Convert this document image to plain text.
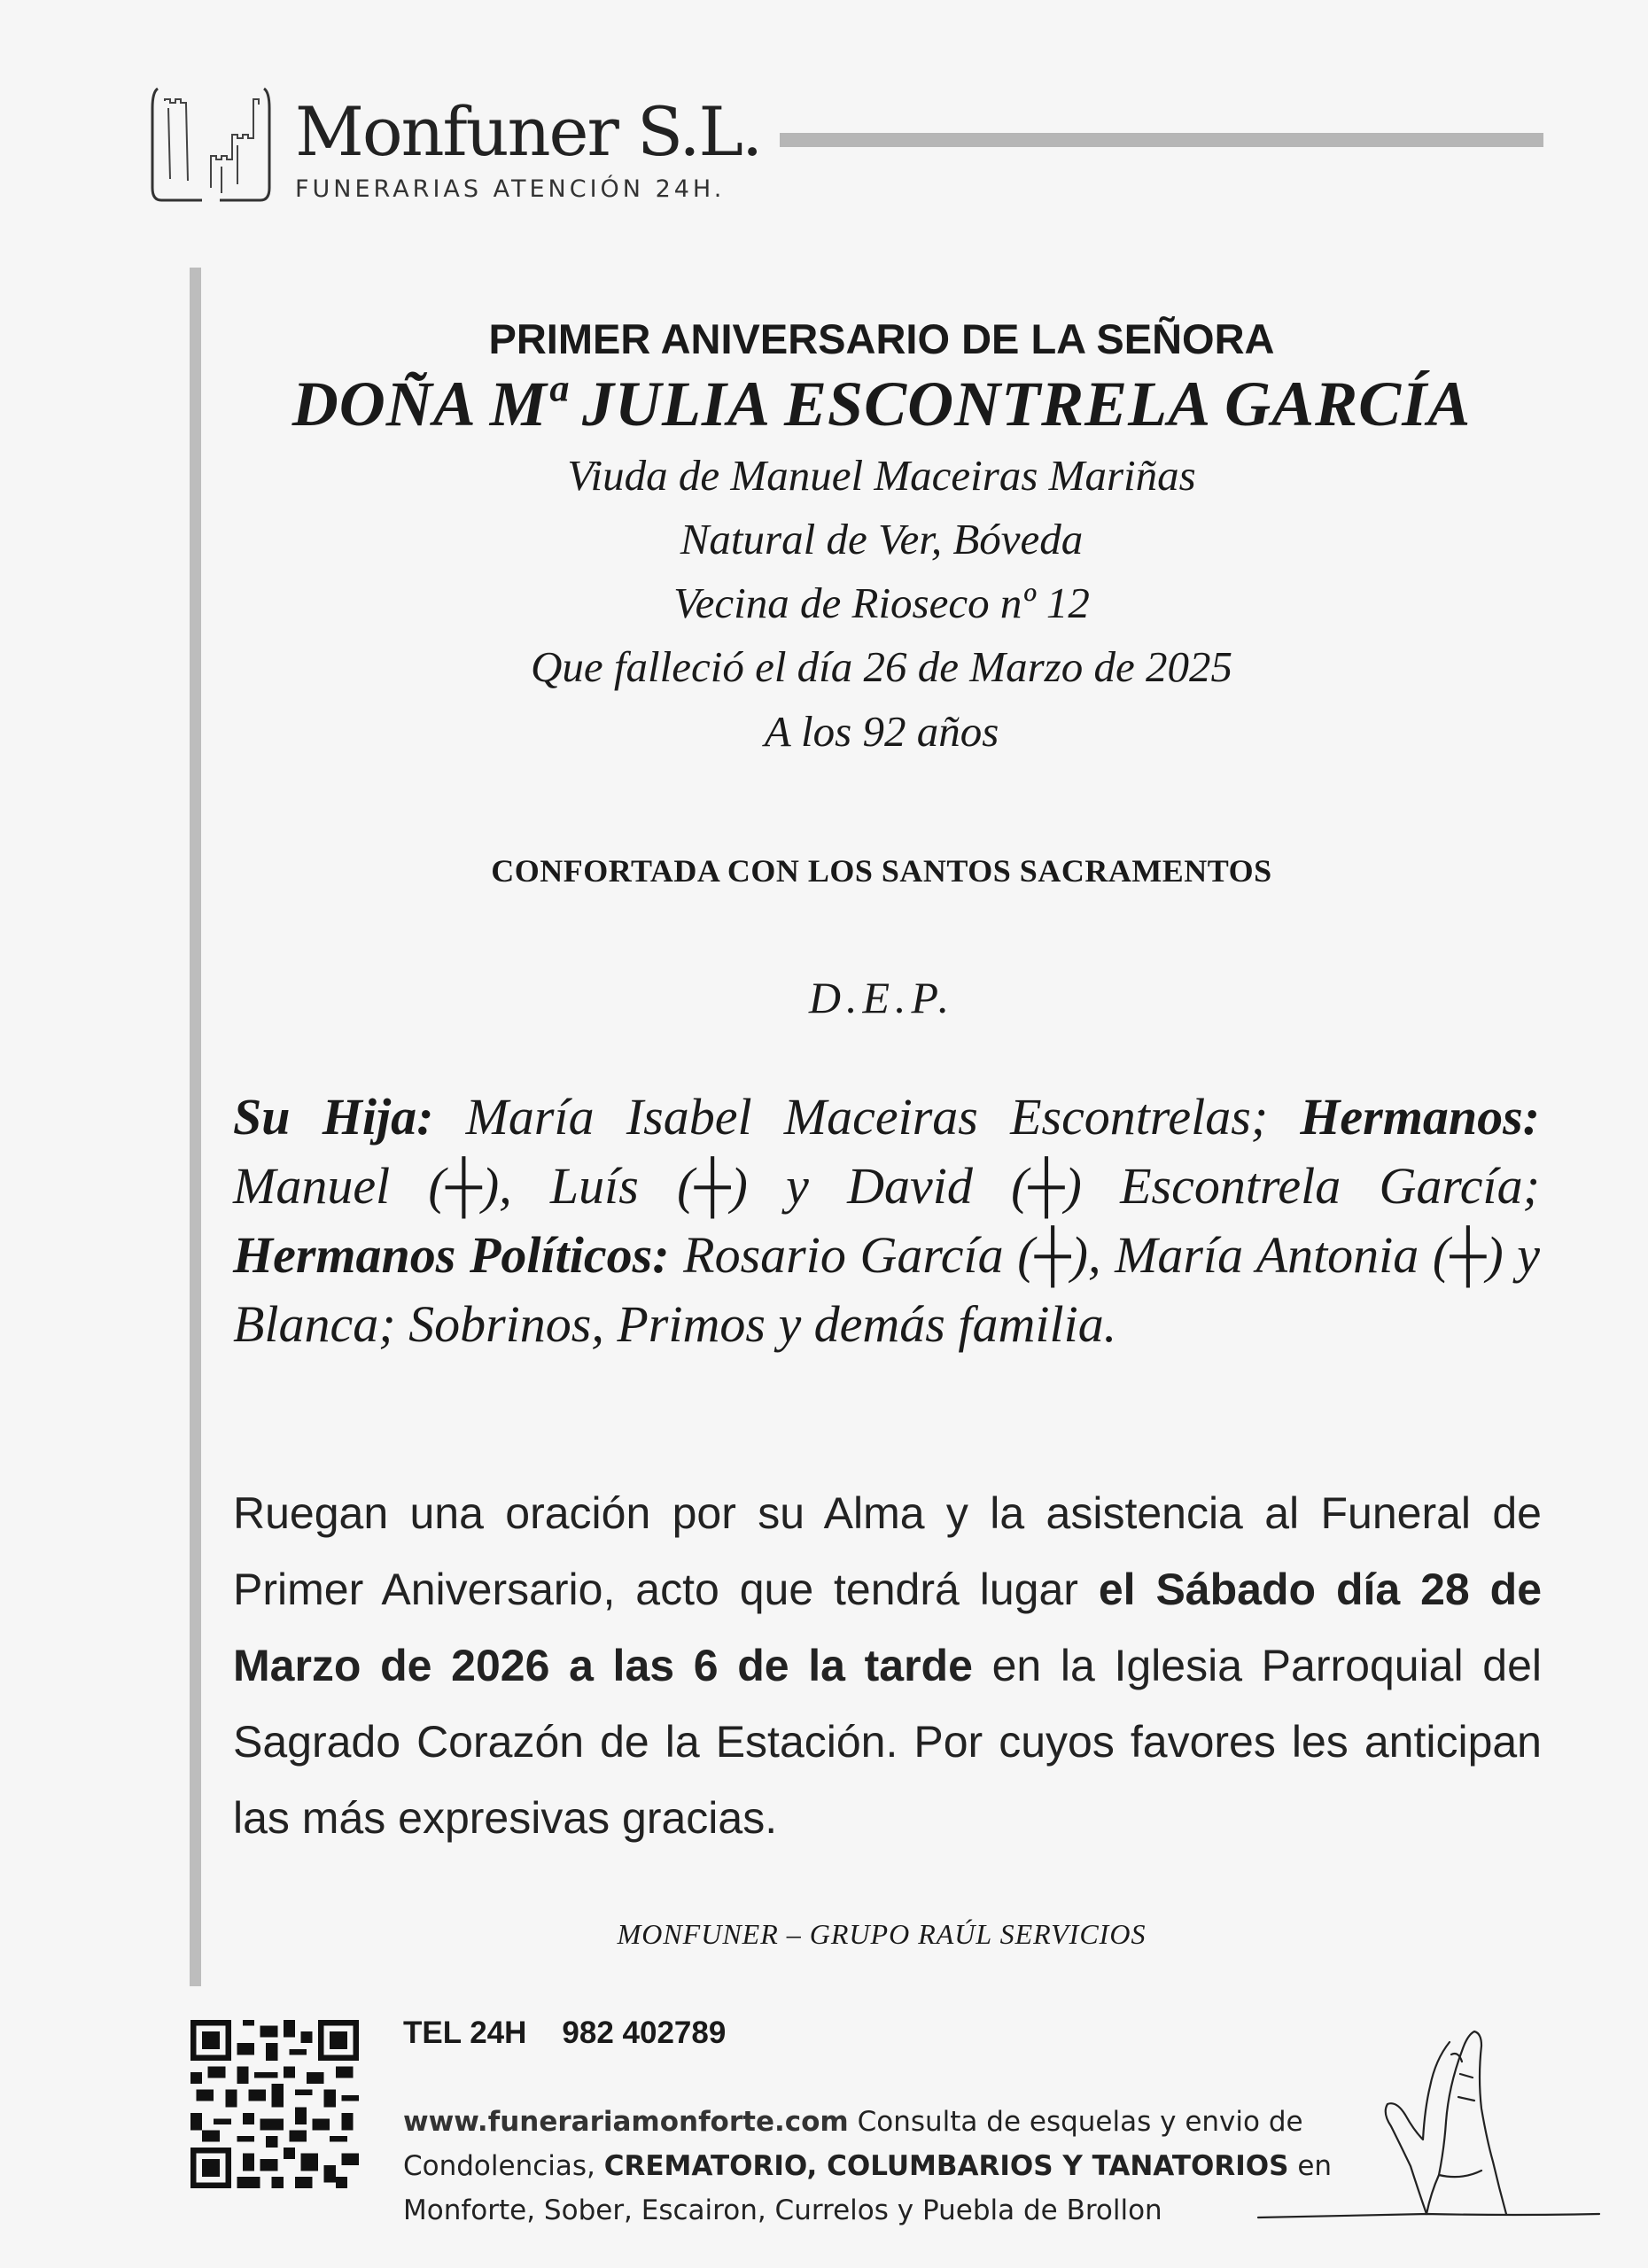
Monfuner S.L.
FUNERARIAS ATENCIÓN 24H.
PRIMER ANIVERSARIO DE LA SEÑORA
DOÑA Mª JULIA ESCONTRELA GARCÍA
Viuda de Manuel Maceiras Mariñas
Natural de Ver, Bóveda
Vecina de Rioseco nº 12
Que falleció el día 26 de Marzo de 2025
A los 92 años
CONFORTADA CON LOS SANTOS SACRAMENTOS
D.E.P.
Su Hija: María Isabel Maceiras Escontrelas; Hermanos: Manuel (┼), Luís (┼) y David (┼) Escontrela García; Hermanos Políticos: Rosario García (┼), María Antonia (┼) y Blanca; Sobrinos, Primos y demás familia.
Ruegan una oración por su Alma y la asistencia al Funeral de Primer Aniversario, acto que tendrá lugar el Sábado día 28 de Marzo de 2026 a las 6 de la tarde en la Iglesia Parroquial del Sagrado Corazón de la Estación. Por cuyos favores les anticipan las más expresivas gracias.
MONFUNER – GRUPO RAÚL SERVICIOS
TEL 24H 982 402789
www.funerariamonforte.com Consulta de esquelas y envio de Condolencias, CREMATORIO, COLUMBARIOS Y TANATORIOS en Monforte, Sober, Escairon, Currelos y Puebla de Brollon
